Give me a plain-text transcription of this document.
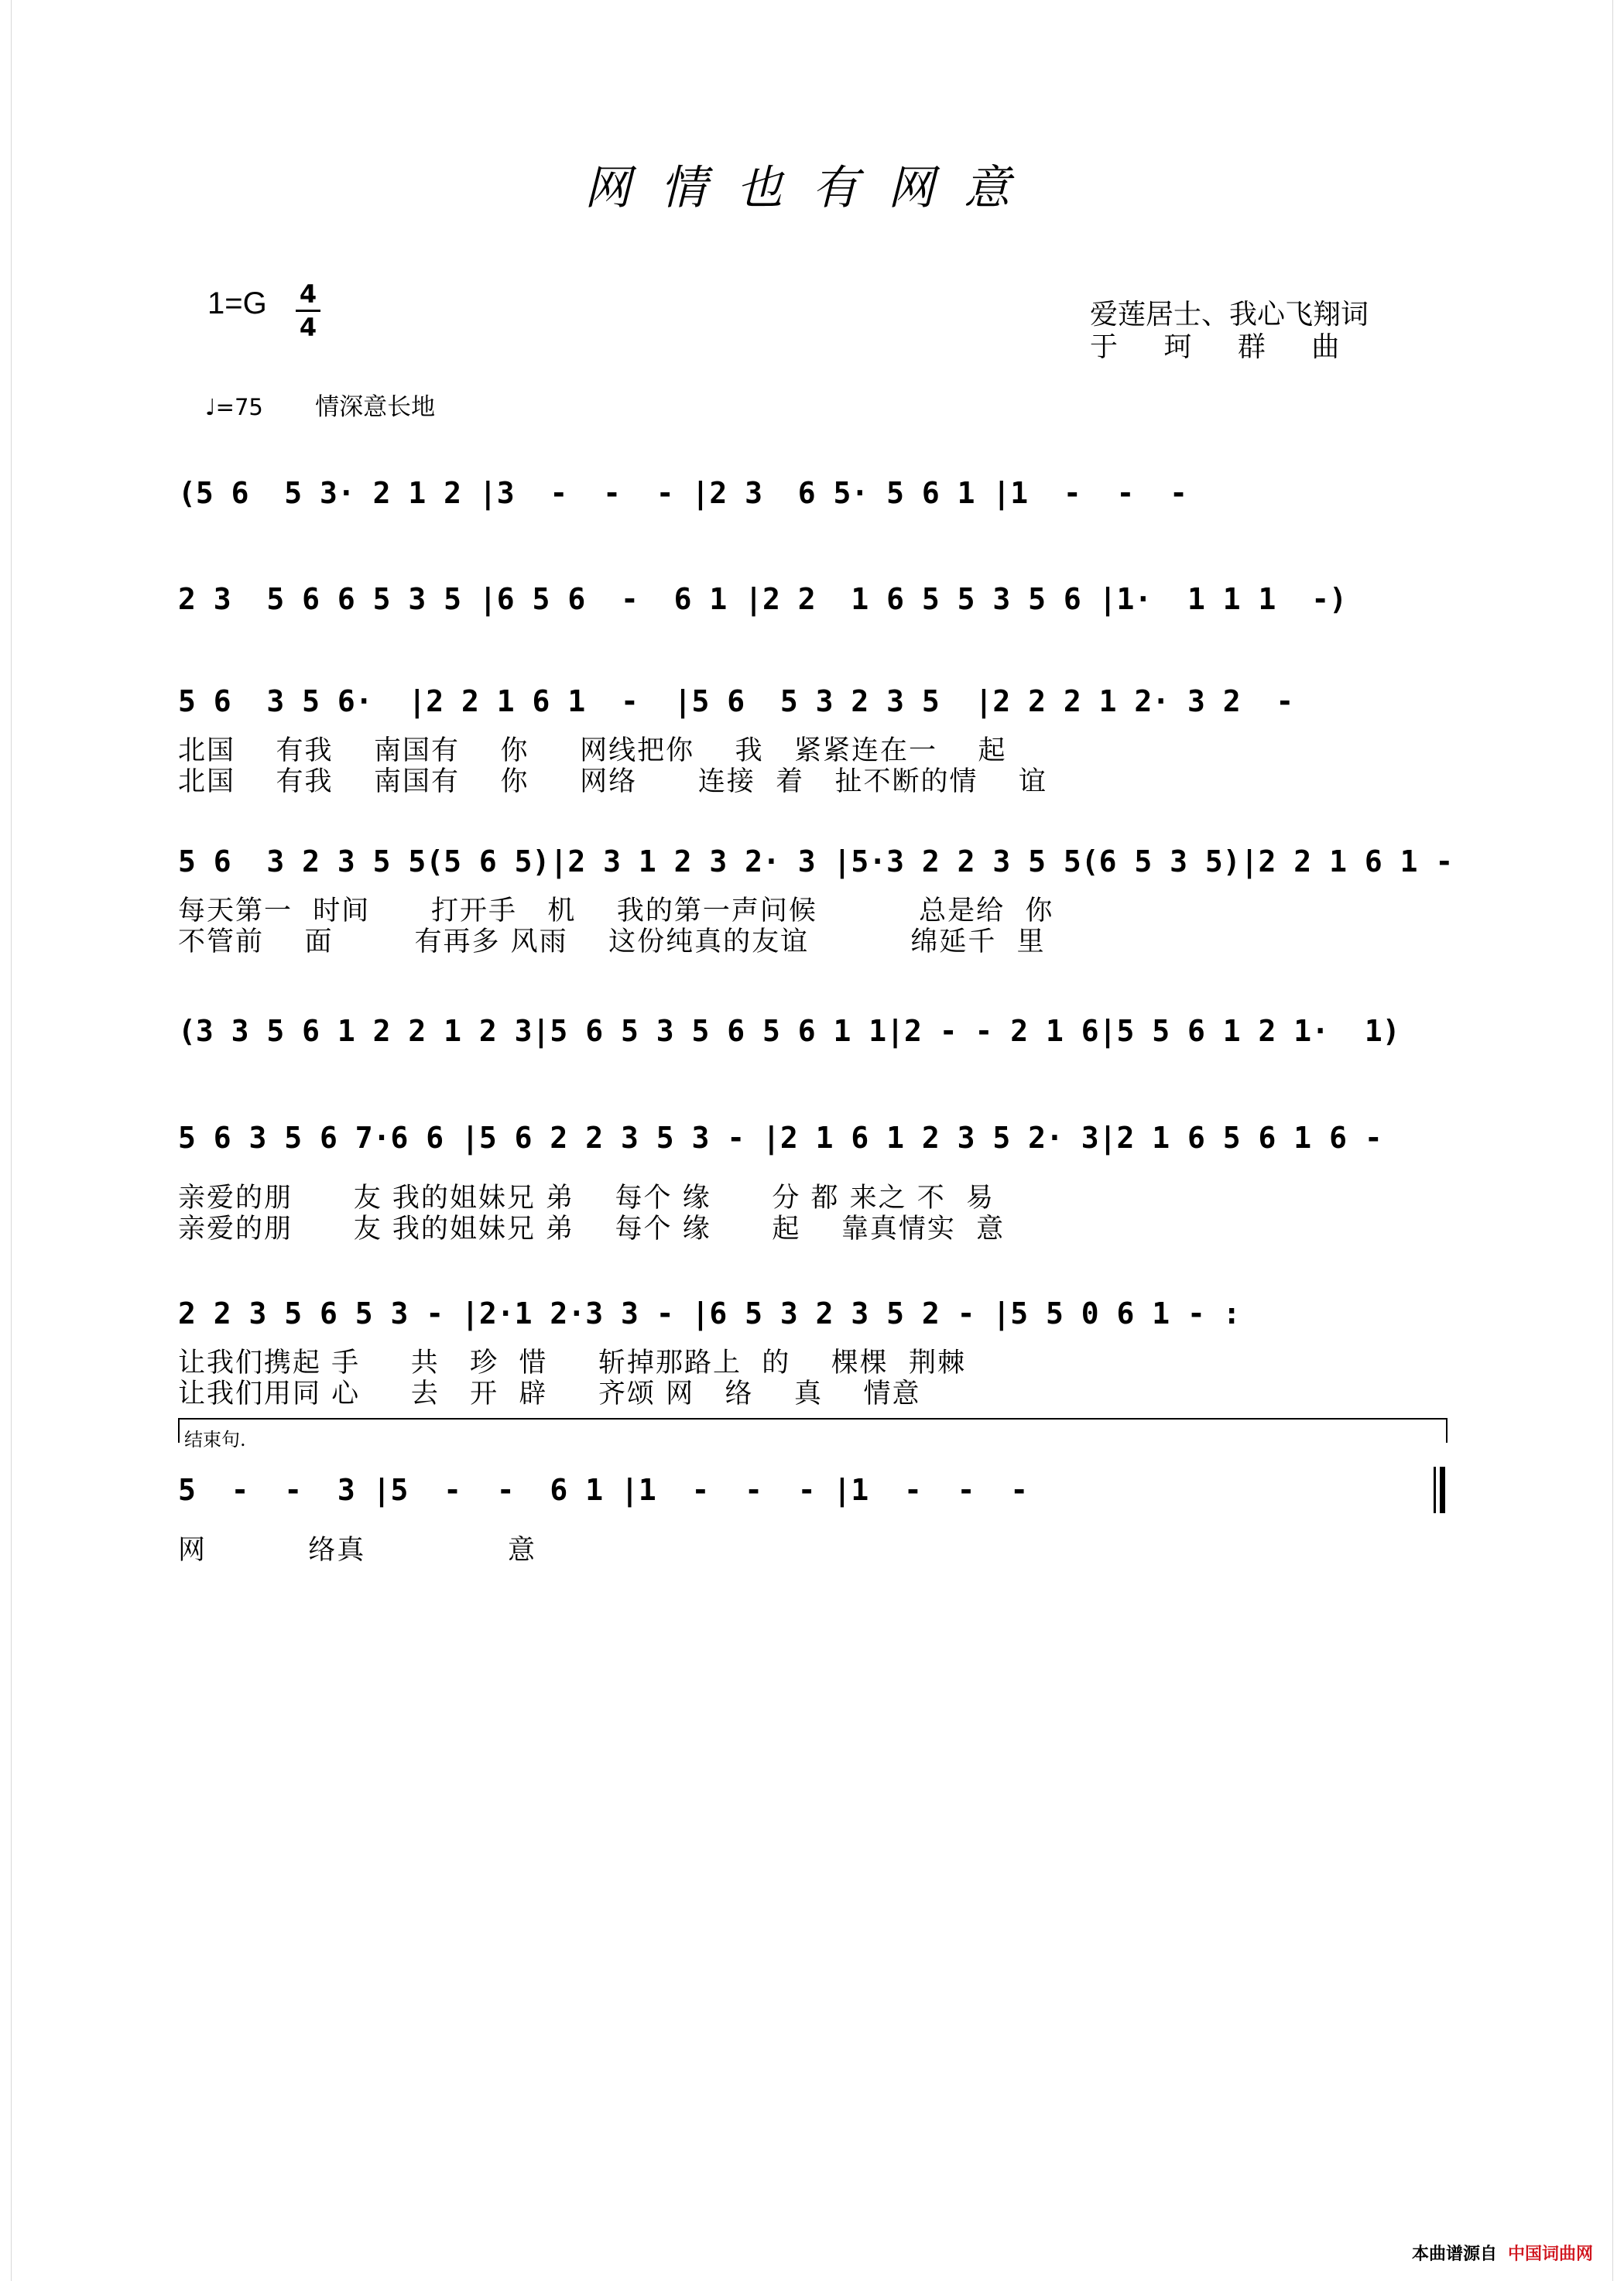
网情也有网意
1=G 4
4	爱莲居士、我心飞翔词
于 珂 群 曲
♩=75 情深意长地
(5 6  5 3· 2 1 2 |3  -  -  - |2 3  6 5· 5 6 1 |1  -  -  -
2 3  5 6 6 5 3 5 |6 5 6  -  6 1 |2 2  1 6 5 5 3 5 6 |1·  1 1 1  -)
5 6  3 5 6·  |2 2 1 6 1  -  |5 6  5 3 2 3 5  |2 2 2 1 2· 3 2  -
北国    有我    南国有    你     网线把你    我   紧紧连在一    起
北国    有我    南国有    你     网络      连接  着   扯不断的情    谊
5 6  3 2 3 5 5(5 6 5)|2 3 1 2 3 2· 3 |5·3 2 2 3 5 5(6 5 3 5)|2 2 1 6 1 -
每天第一  时间      打开手   机    我的第一声问候          总是给  你
不管前    面        有再多 风雨    这份纯真的友谊          绵延千  里
(3 3 5 6 1 2 2 1 2 3|5 6 5 3 5 6 5 6 1 1|2 - - 2 1 6|5 5 6 1 2 1·  1)
5 6 3 5 6 7·6 6 |5 6 2 2 3 5 3 - |2 1 6 1 2 3 5 2· 3|2 1 6 5 6 1 6 -
亲爱的朋      友 我的姐妹兄 弟    每个 缘      分 都 来之 不  易
亲爱的朋      友 我的姐妹兄 弟    每个 缘      起    靠真情实  意
2 2 3 5 6 5 3 - |2·1 2·3 3 - |6 5 3 2 3 5 2 - |5 5 0 6 1 - :
让我们携起 手     共   珍  惜     斩掉那路上  的    棵棵  荆棘
让我们用同 心     去   开  辟     齐颂 网   络    真    情意
结束句.
5  -  -  3 |5  -  -  6 1 |1  -  -  - |1  -  -  -
网          络真              意
本曲谱源自 中国词曲网
